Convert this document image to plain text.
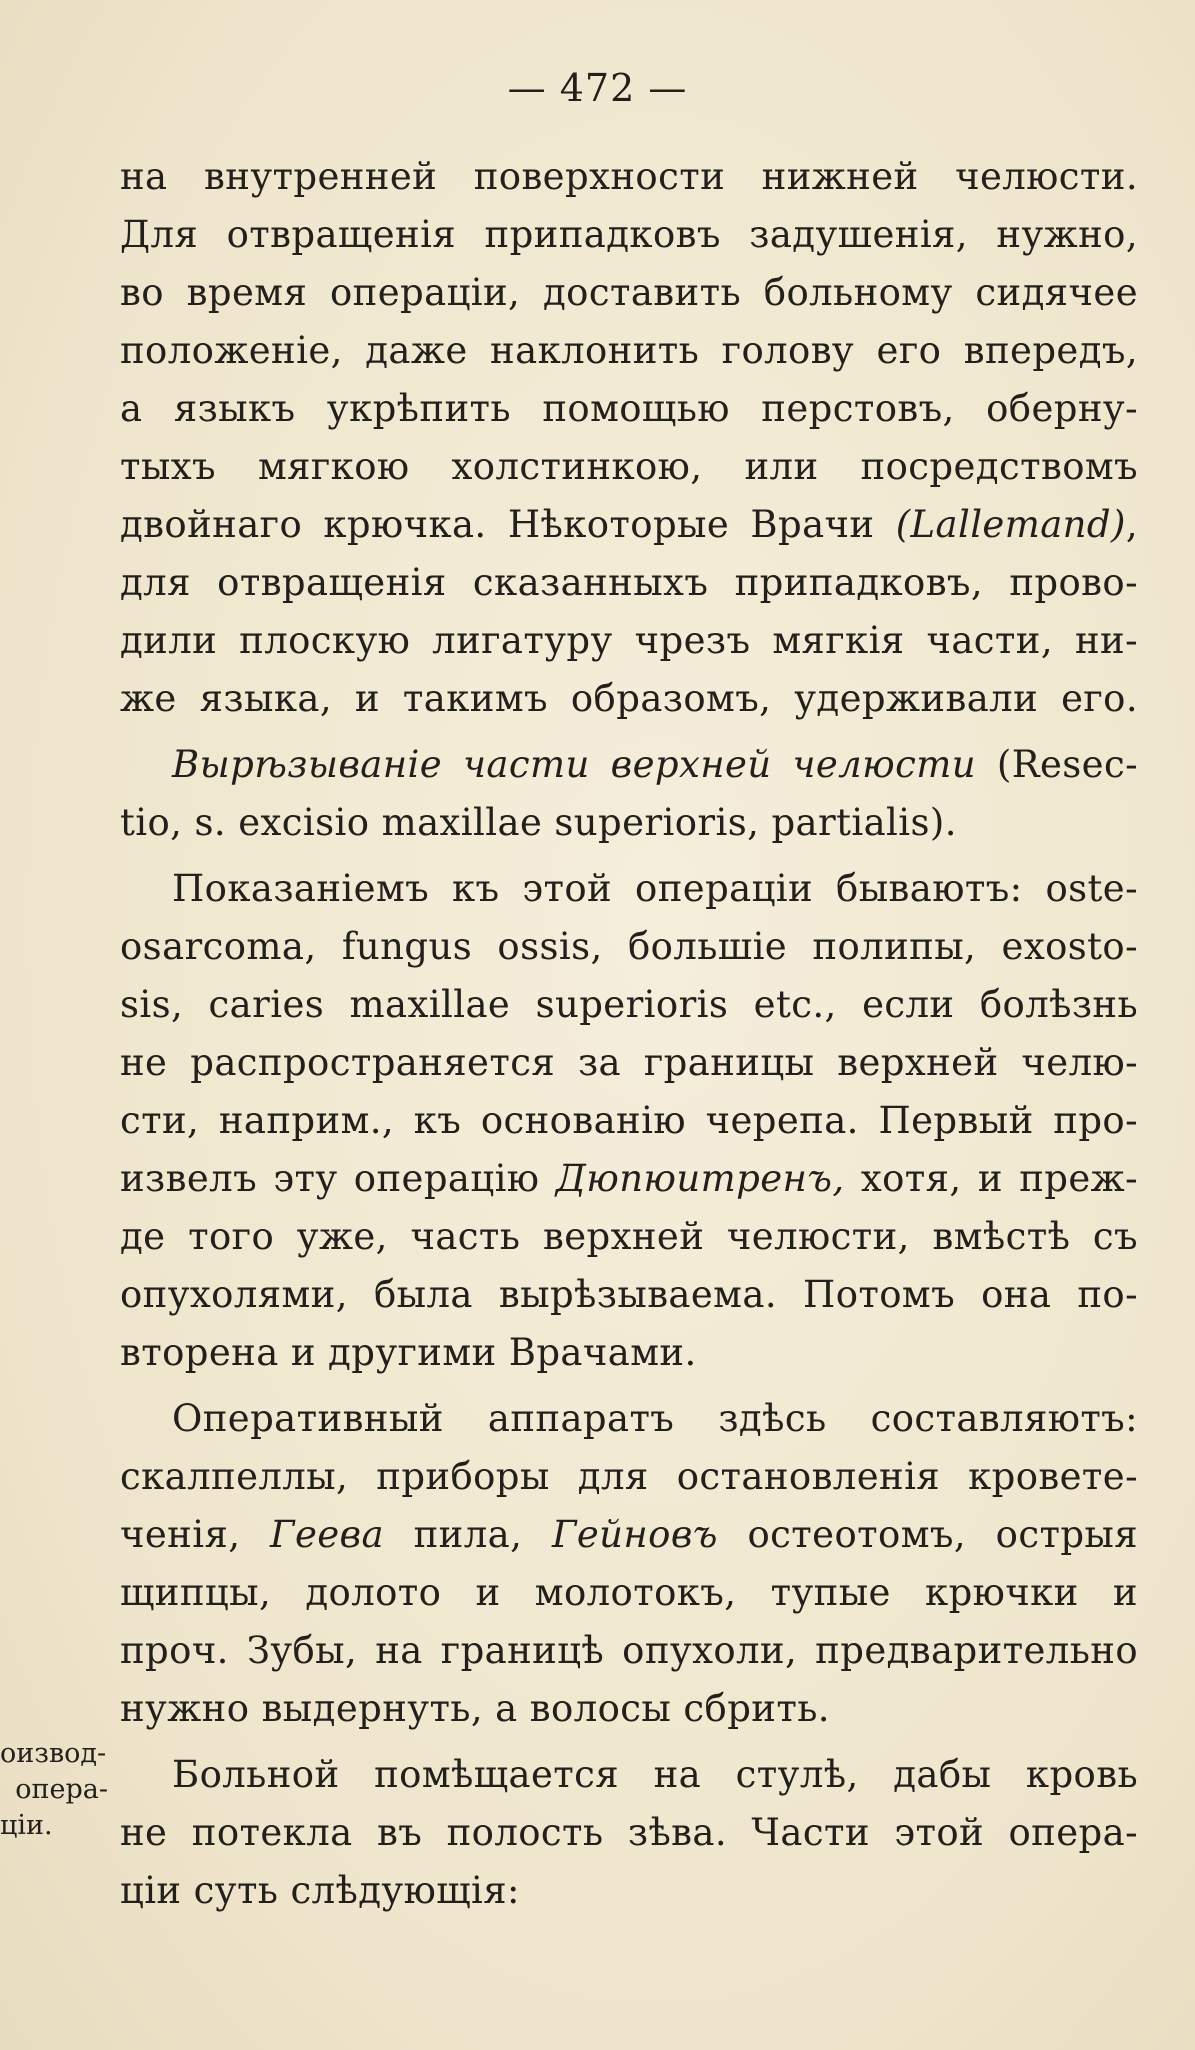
— 472 —
на внутренней поверхности нижней челюсти.
Для отвращенія припадковъ задушенія, нужно,
во время операціи, доставить больному сидячее
положеніе, даже наклонить голову его впередъ,
а языкъ укрѣпить помощью перстовъ, оберну-
тыхъ мягкою холстинкою, или посредствомъ
двойнаго крючка. Нѣкоторые Врачи (Lallemand),
для отвращенія сказанныхъ припадковъ, прово-
дили плоскую лигатуру чрезъ мягкія части, ни-
же языка, и такимъ образомъ, удерживали его.
Вырѣзываніе части верхней челюсти (Resec-
tio, s. excisio maxillae superioris, partialis).
Показаніемъ къ этой операціи бываютъ: oste-
osarcoma, fungus ossis, большіе полипы, exosto-
sis, caries maxillae superioris etc., если болѣзнь
не распространяется за границы верхней челю-
сти, наприм., къ основанію черепа. Первый про-
извелъ эту операцію Дюпюитренъ, хотя, и преж-
де того уже, часть верхней челюсти, вмѣстѣ съ
опухолями, была вырѣзываема. Потомъ она по-
вторена и другими Врачами.
Оперативный аппаратъ здѣсь составляютъ:
скалпеллы, приборы для остановленія кровете-
ченія, Геева пила, Гейновъ остеотомъ, острыя
щипцы, долото и молотокъ, тупые крючки и
проч. Зубы, на границѣ опухоли, предварительно
нужно выдернуть, а волосы сбрить.
Больной помѣщается на стулѣ, дабы кровь
не потекла въ полость зѣва. Части этой опера-
ціи суть слѣдующія:
оизвод-
опера-
ціи.
